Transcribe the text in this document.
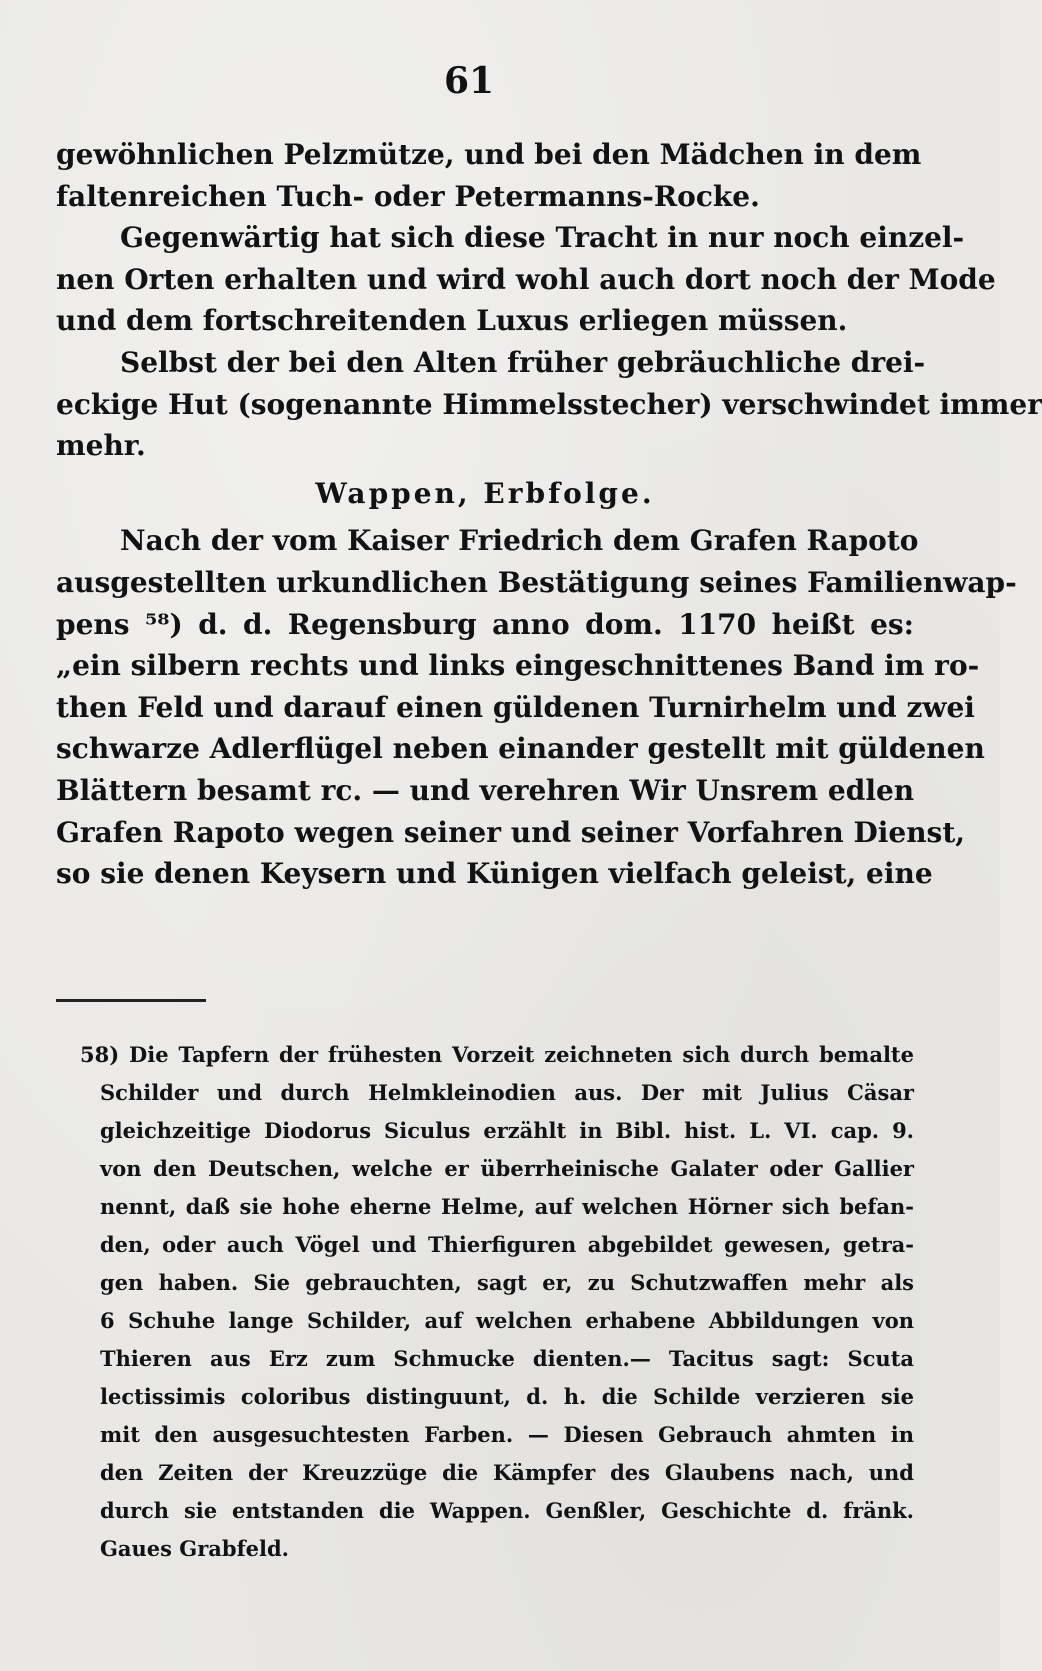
61
gewöhnlichen Pelzmütze, und bei den Mädchen in dem
faltenreichen Tuch- oder Petermanns-Rocke.
Gegenwärtig hat sich diese Tracht in nur noch einzel-
nen Orten erhalten und wird wohl auch dort noch der Mode
und dem fortschreitenden Luxus erliegen müssen.
Selbst der bei den Alten früher gebräuchliche drei-
eckige Hut (sogenannte Himmelsstecher) verschwindet immer
mehr.
Wappen, Erbfolge.
Nach der vom Kaiser Friedrich dem Grafen Rapoto
ausgestellten urkundlichen Bestätigung seines Familienwap-
pens ⁵⁸) d. d. Regensburg anno dom. 1170 heißt es:
„ein silbern rechts und links eingeschnittenes Band im ro-
then Feld und darauf einen güldenen Turnirhelm und zwei
schwarze Adlerflügel neben einander gestellt mit güldenen
Blättern besamt rc. — und verehren Wir Unsrem edlen
Grafen Rapoto wegen seiner und seiner Vorfahren Dienst,
so sie denen Keysern und Künigen vielfach geleist, eine
58) Die Tapfern der frühesten Vorzeit zeichneten sich durch bemalte
Schilder und durch Helmkleinodien aus. Der mit Julius Cäsar
gleichzeitige Diodorus Siculus erzählt in Bibl. hist. L. VI. cap. 9.
von den Deutschen, welche er überrheinische Galater oder Gallier
nennt, daß sie hohe eherne Helme, auf welchen Hörner sich befan-
den, oder auch Vögel und Thierfiguren abgebildet gewesen, getra-
gen haben. Sie gebrauchten, sagt er, zu Schutzwaffen mehr als
6 Schuhe lange Schilder, auf welchen erhabene Abbildungen von
Thieren aus Erz zum Schmucke dienten.— Tacitus sagt: Scuta
lectissimis coloribus distinguunt, d. h. die Schilde verzieren sie
mit den ausgesuchtesten Farben. — Diesen Gebrauch ahmten in
den Zeiten der Kreuzzüge die Kämpfer des Glaubens nach, und
durch sie entstanden die Wappen. Genßler, Geschichte d. fränk.
Gaues Grabfeld.
